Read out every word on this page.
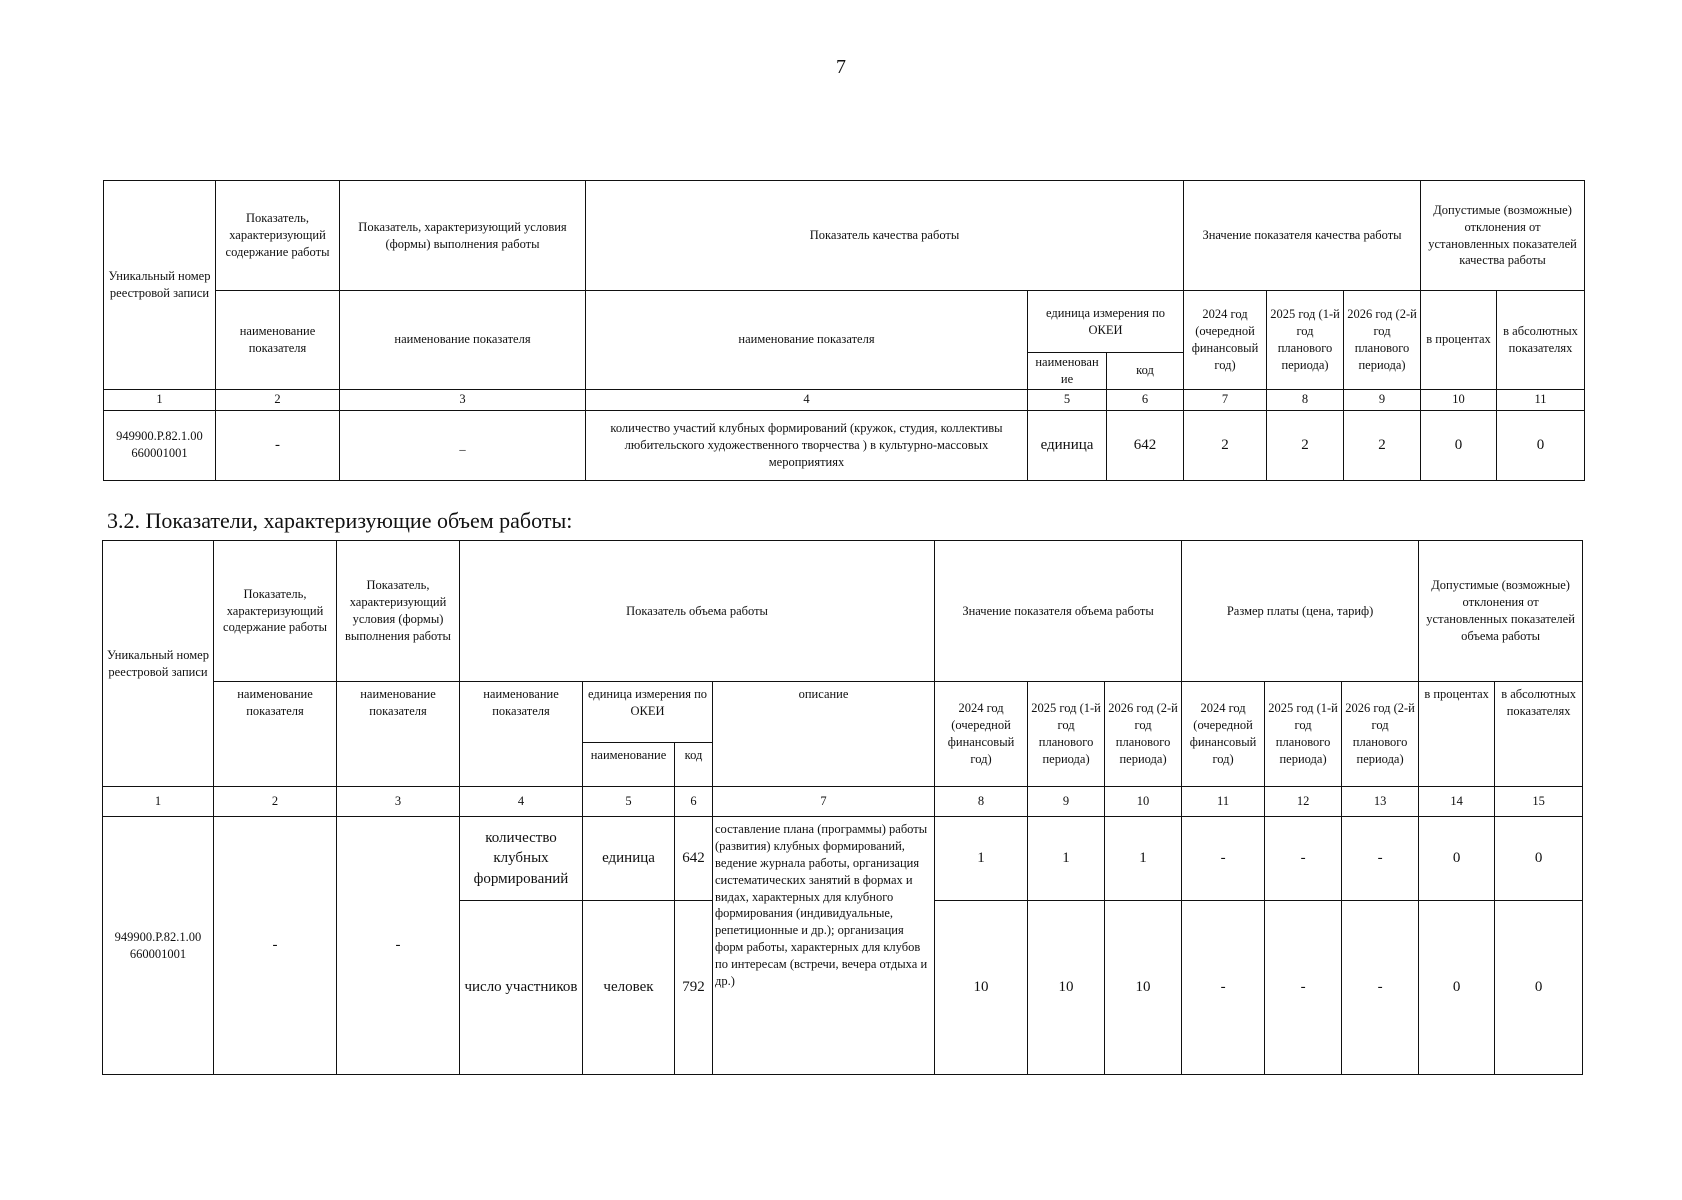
7
Уникальный номер реестровой записи	Показатель, характеризующий содержание работы	Показатель, характеризующий условия (формы) выполнения работы	Показатель качества работы			Значение показателя качества работы			Допустимые (возможные) отклонения от установленных показателей качества работы	
	наименование показателя	наименование показателя	наименование показателя	единица измерения по ОКЕИ		2024 год (очередной финансовый год)	2025 год (1-й год планового периода)	2026 год (2-й год планового периода)	в процентах	в абсолютных показателях
				наименован ие	код					
1	2	3	4	5	6	7	8	9	10	11
949900.Р.82.1.00 660001001	-	_	количество участий клубных формирований (кружок, студия, коллективы любительского художественного творчества ) в культурно-массовых мероприятиях	единица	642	2	2	2	0	0
3.2. Показатели, характеризующие объем работы:
Уникальный номер реестровой записи	Показатель, характеризующий содержание работы	Показатель, характеризующий условия (формы) выполнения работы	Показатель объема работы				Значение показателя объема работы			Размер платы (цена, тариф)			Допустимые (возможные) отклонения от установленных показателей объема работы	
	наименование показателя	наименование показателя	наименование показателя	единица измерения по ОКЕИ		описание	2024 год (очередной финансовый год)	2025 год (1-й год планового периода)	2026 год (2-й год планового периода)	2024 год (очередной финансовый год)	2025 год (1-й год планового периода)	2026 год (2-й год планового периода)	в процентах	в абсолютных показателях
				наименование	код									
1	2	3	4	5	6	7	8	9	10	11	12	13	14	15
949900.Р.82.1.00 660001001	-	-	количество клубных формирований	единица	642	составление плана (программы) работы (развития) клубных формирований, ведение журнала работы, организация систематических занятий в формах и видах, характерных для клубного формирования (индивидуальные, репетиционные и др.); организация форм работы, характерных для клубов по интересам (встречи, вечера отдыха и др.)	1	1	1	-	-	-	0	0
			число участников	человек	792		10	10	10	-	-	-	0	0
